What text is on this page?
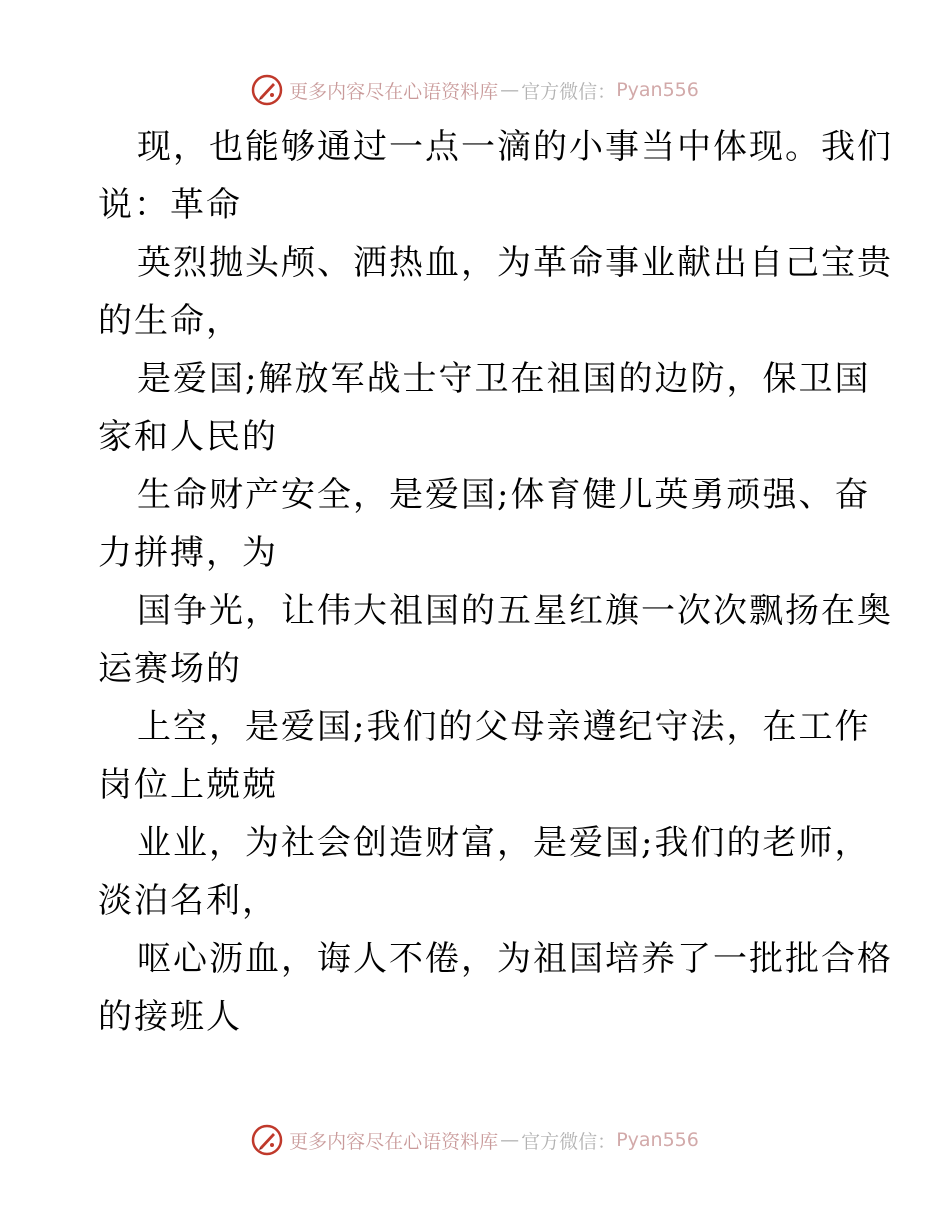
更多内容尽在心语资料库 — 官方微信： Pyan556
现，也能够通过一点一滴的小事当中体现。我们
说：革命
英烈抛头颅、洒热血，为革命事业献出自己宝贵
的生命，
是爱国;解放军战士守卫在祖国的边防，保卫国
家和人民的
生命财产安全，是爱国;体育健儿英勇顽强、奋
力拼搏，为
国争光，让伟大祖国的五星红旗一次次飘扬在奥
运赛场的
上空，是爱国;我们的父母亲遵纪守法，在工作
岗位上兢兢
业业，为社会创造财富，是爱国;我们的老师，
淡泊名利，
呕心沥血，诲人不倦，为祖国培养了一批批合格
的接班人
更多内容尽在心语资料库 — 官方微信： Pyan556
